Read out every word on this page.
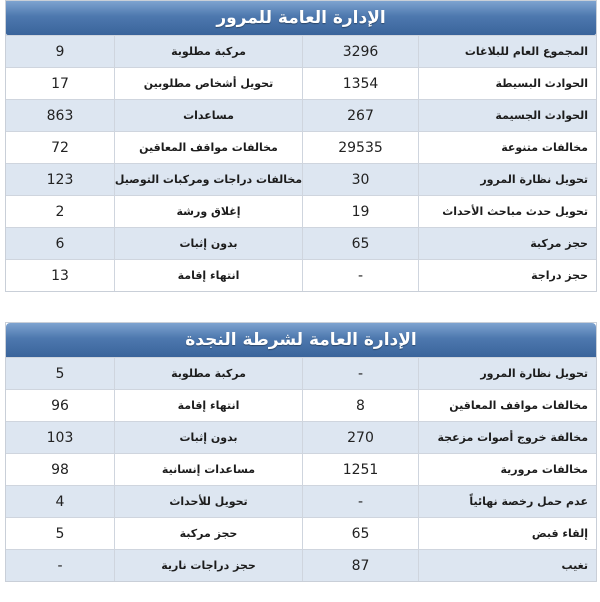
الإدارة العامة للمرور
المجموع العام للبلاغات
3296
مركبة مطلوبة
9
الحوادث البسيطة
1354
تحويل أشخاص مطلوبين
17
الحوادث الجسيمة
267
مساعدات
863
مخالفات متنوعة
29535
مخالفات مواقف المعاقين
72
تحويل نظارة المرور
30
مخالفات دراجات ومركبات التوصيل
123
تحويل حدث مباحث الأحداث
19
إغلاق ورشة
2
حجز مركبة
65
بدون إثبات
6
حجز دراجة
-
انتهاء إقامة
13
الإدارة العامة لشرطة النجدة
تحويل نظارة المرور
-
مركبة مطلوبة
5
مخالفات مواقف المعاقين
8
انتهاء إقامة
96
مخالفة خروج أصوات مزعجة
270
بدون إثبات
103
مخالفات مرورية
1251
مساعدات إنسانية
98
عدم حمل رخصة نهائياً
-
تحويل للأحداث
4
إلقاء قبض
65
حجز مركبة
5
تغيب
87
حجز دراجات نارية
-
